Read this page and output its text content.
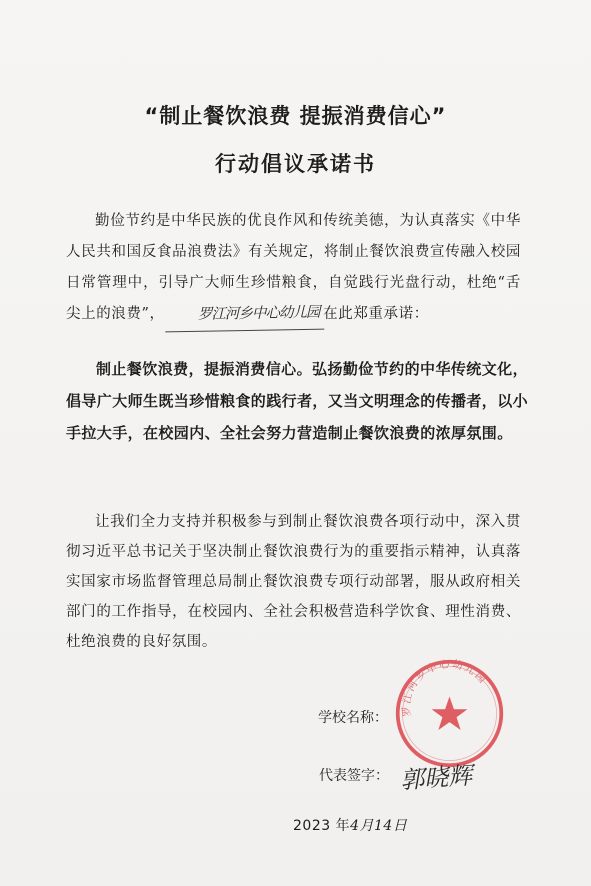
“制止餐饮浪费 提振消费信心”
行动倡议承诺书
勤俭节约是中华民族的优良作风和传统美德，为认真落实《中华人民共和国反食品浪费法》有关规定，将制止餐饮浪费宣传融入校园日常管理中，引导广大师生珍惜粮食，自觉践行光盘行动，杜绝“舌尖上的浪费”， 罗江河乡中心幼儿园 在此郑重承诺：
制止餐饮浪费，提振消费信心。弘扬勤俭节约的中华传统文化，倡导广大师生既当珍惜粮食的践行者，又当文明理念的传播者，以小手拉大手，在校园内、全社会努力营造制止餐饮浪费的浓厚氛围。
让我们全力支持并积极参与到制止餐饮浪费各项行动中，深入贯彻习近平总书记关于坚决制止餐饮浪费行为的重要指示精神，认真落实国家市场监督管理总局制止餐饮浪费专项行动部署，服从政府相关部门的工作指导，在校园内、全社会积极营造科学饮食、理性消费、杜绝浪费的良好氛围。
学校名称： 罗江河乡中心幼儿园
代表签字： 郭晓辉
2023 年4月14日
